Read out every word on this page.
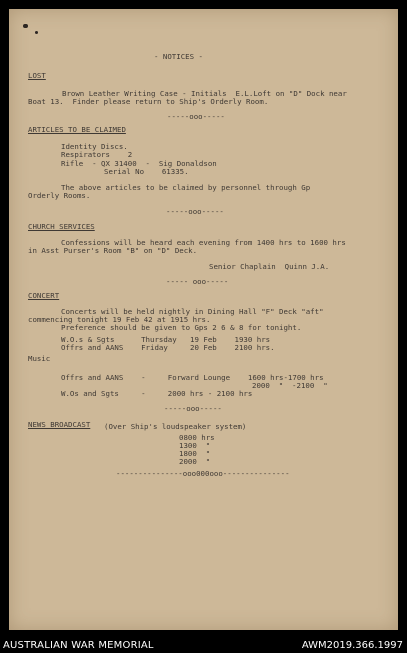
- NOTICES -
LOST
Brown Leather Writing Case - Initials  E.L.Loft on "D" Dock near
Boat 13.  Finder please return to Ship's Orderly Room.
-----ooo-----
ARTICLES TO BE CLAIMED
Identity Discs.
Respirators    2
Rifle  - QX 31400  -  Sig Donaldson
Serial No    61335.
The above articles to be claimed by personnel through Gp
Orderly Rooms.
-----ooo-----
CHURCH SERVICES
Confessions will be heard each evening from 1400 hrs to 1600 hrs
in Asst Purser's Room "B" on "D" Deck.
Senior Chaplain  Quinn J.A.
----- ooo-----
CONCERT
Concerts will be held nightly in Dining Hall "F" Deck "aft"
commencing tonight 19 Feb 42 at 1915 hrs.
Preference should be given to Gps 2 6 & 8 for tonight.
W.O.s & Sgts      Thursday   19 Feb    1930 hrs
Offrs and AANS    Friday     20 Feb    2100 hrs.
Music
Offrs and AANS    -     Forward Lounge    1600 hrs-1700 hrs
2000  "  -2100  "
W.Os and Sgts     -     2000 hrs - 2100 hrs
-----ooo-----
NEWS BROADCAST (Over Ship's loudspeaker system)
0800 hrs
1300  "
1800  "
2000  "
---------------ooo000ooo---------------
AUSTRALIAN WAR MEMORIAL	AWM2019.366.1997
